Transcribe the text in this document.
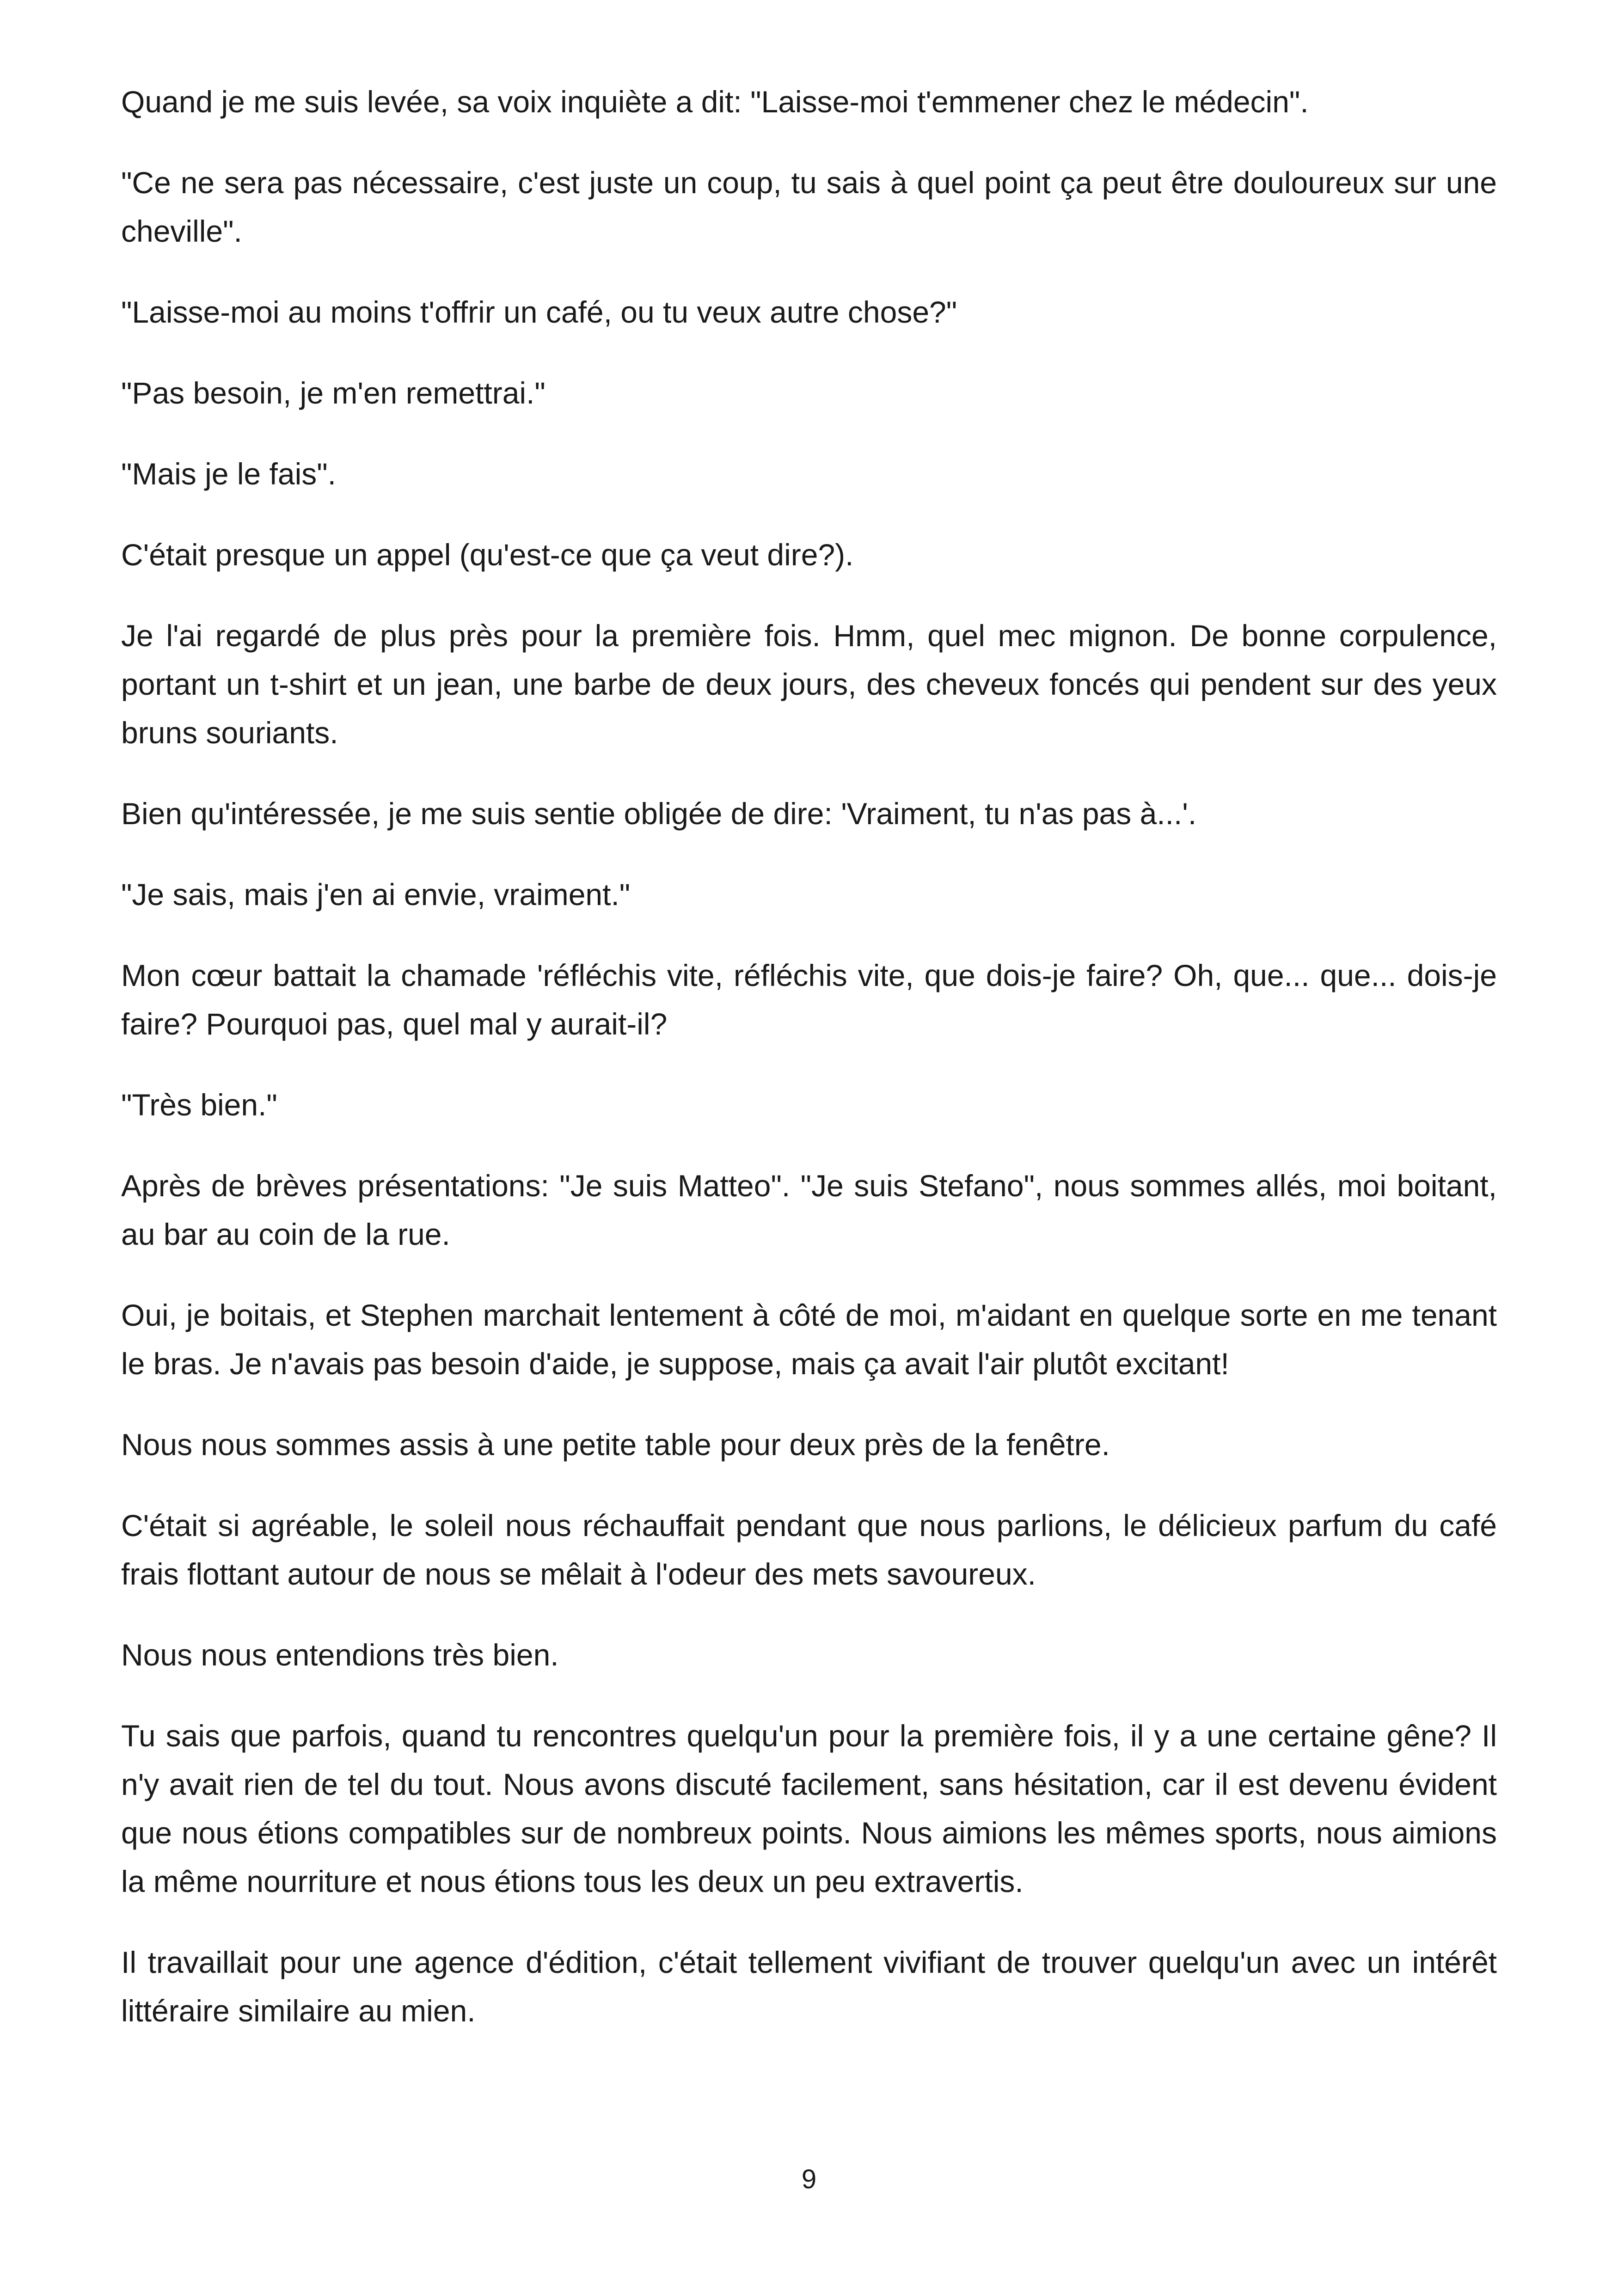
Quand je me suis levée, sa voix inquiète a dit: "Laisse-moi t'emmener chez le médecin".

"Ce ne sera pas nécessaire, c'est juste un coup, tu sais à quel point ça peut être douloureux sur une cheville".

"Laisse-moi au moins t'offrir un café, ou tu veux autre chose?"

"Pas besoin, je m'en remettrai."

"Mais je le fais".

C'était presque un appel (qu'est-ce que ça veut dire?).

Je l'ai regardé de plus près pour la première fois. Hmm, quel mec mignon. De bonne corpulence, portant un t-shirt et un jean, une barbe de deux jours, des cheveux foncés qui pendent sur des yeux bruns souriants.

Bien qu'intéressée, je me suis sentie obligée de dire: 'Vraiment, tu n'as pas à...'.

"Je sais, mais j'en ai envie, vraiment."

Mon cœur battait la chamade 'réfléchis vite, réfléchis vite, que dois-je faire? Oh, que... que... dois-je faire? Pourquoi pas, quel mal y aurait-il?

"Très bien."

Après de brèves présentations: "Je suis Matteo". "Je suis Stefano", nous sommes allés, moi boitant, au bar au coin de la rue.

Oui, je boitais, et Stephen marchait lentement à côté de moi, m'aidant en quelque sorte en me tenant le bras. Je n'avais pas besoin d'aide, je suppose, mais ça avait l'air plutôt excitant!

Nous nous sommes assis à une petite table pour deux près de la fenêtre.

C'était si agréable, le soleil nous réchauffait pendant que nous parlions, le délicieux parfum du café frais flottant autour de nous se mêlait à l'odeur des mets savoureux.

Nous nous entendions très bien.

Tu sais que parfois, quand tu rencontres quelqu'un pour la première fois, il y a une certaine gêne? Il n'y avait rien de tel du tout. Nous avons discuté facilement, sans hésitation, car il est devenu évident que nous étions compatibles sur de nombreux points. Nous aimions les mêmes sports, nous aimions la même nourriture et nous étions tous les deux un peu extravertis.

Il travaillait pour une agence d'édition, c'était tellement vivifiant de trouver quelqu'un avec un intérêt littéraire similaire au mien.

9
